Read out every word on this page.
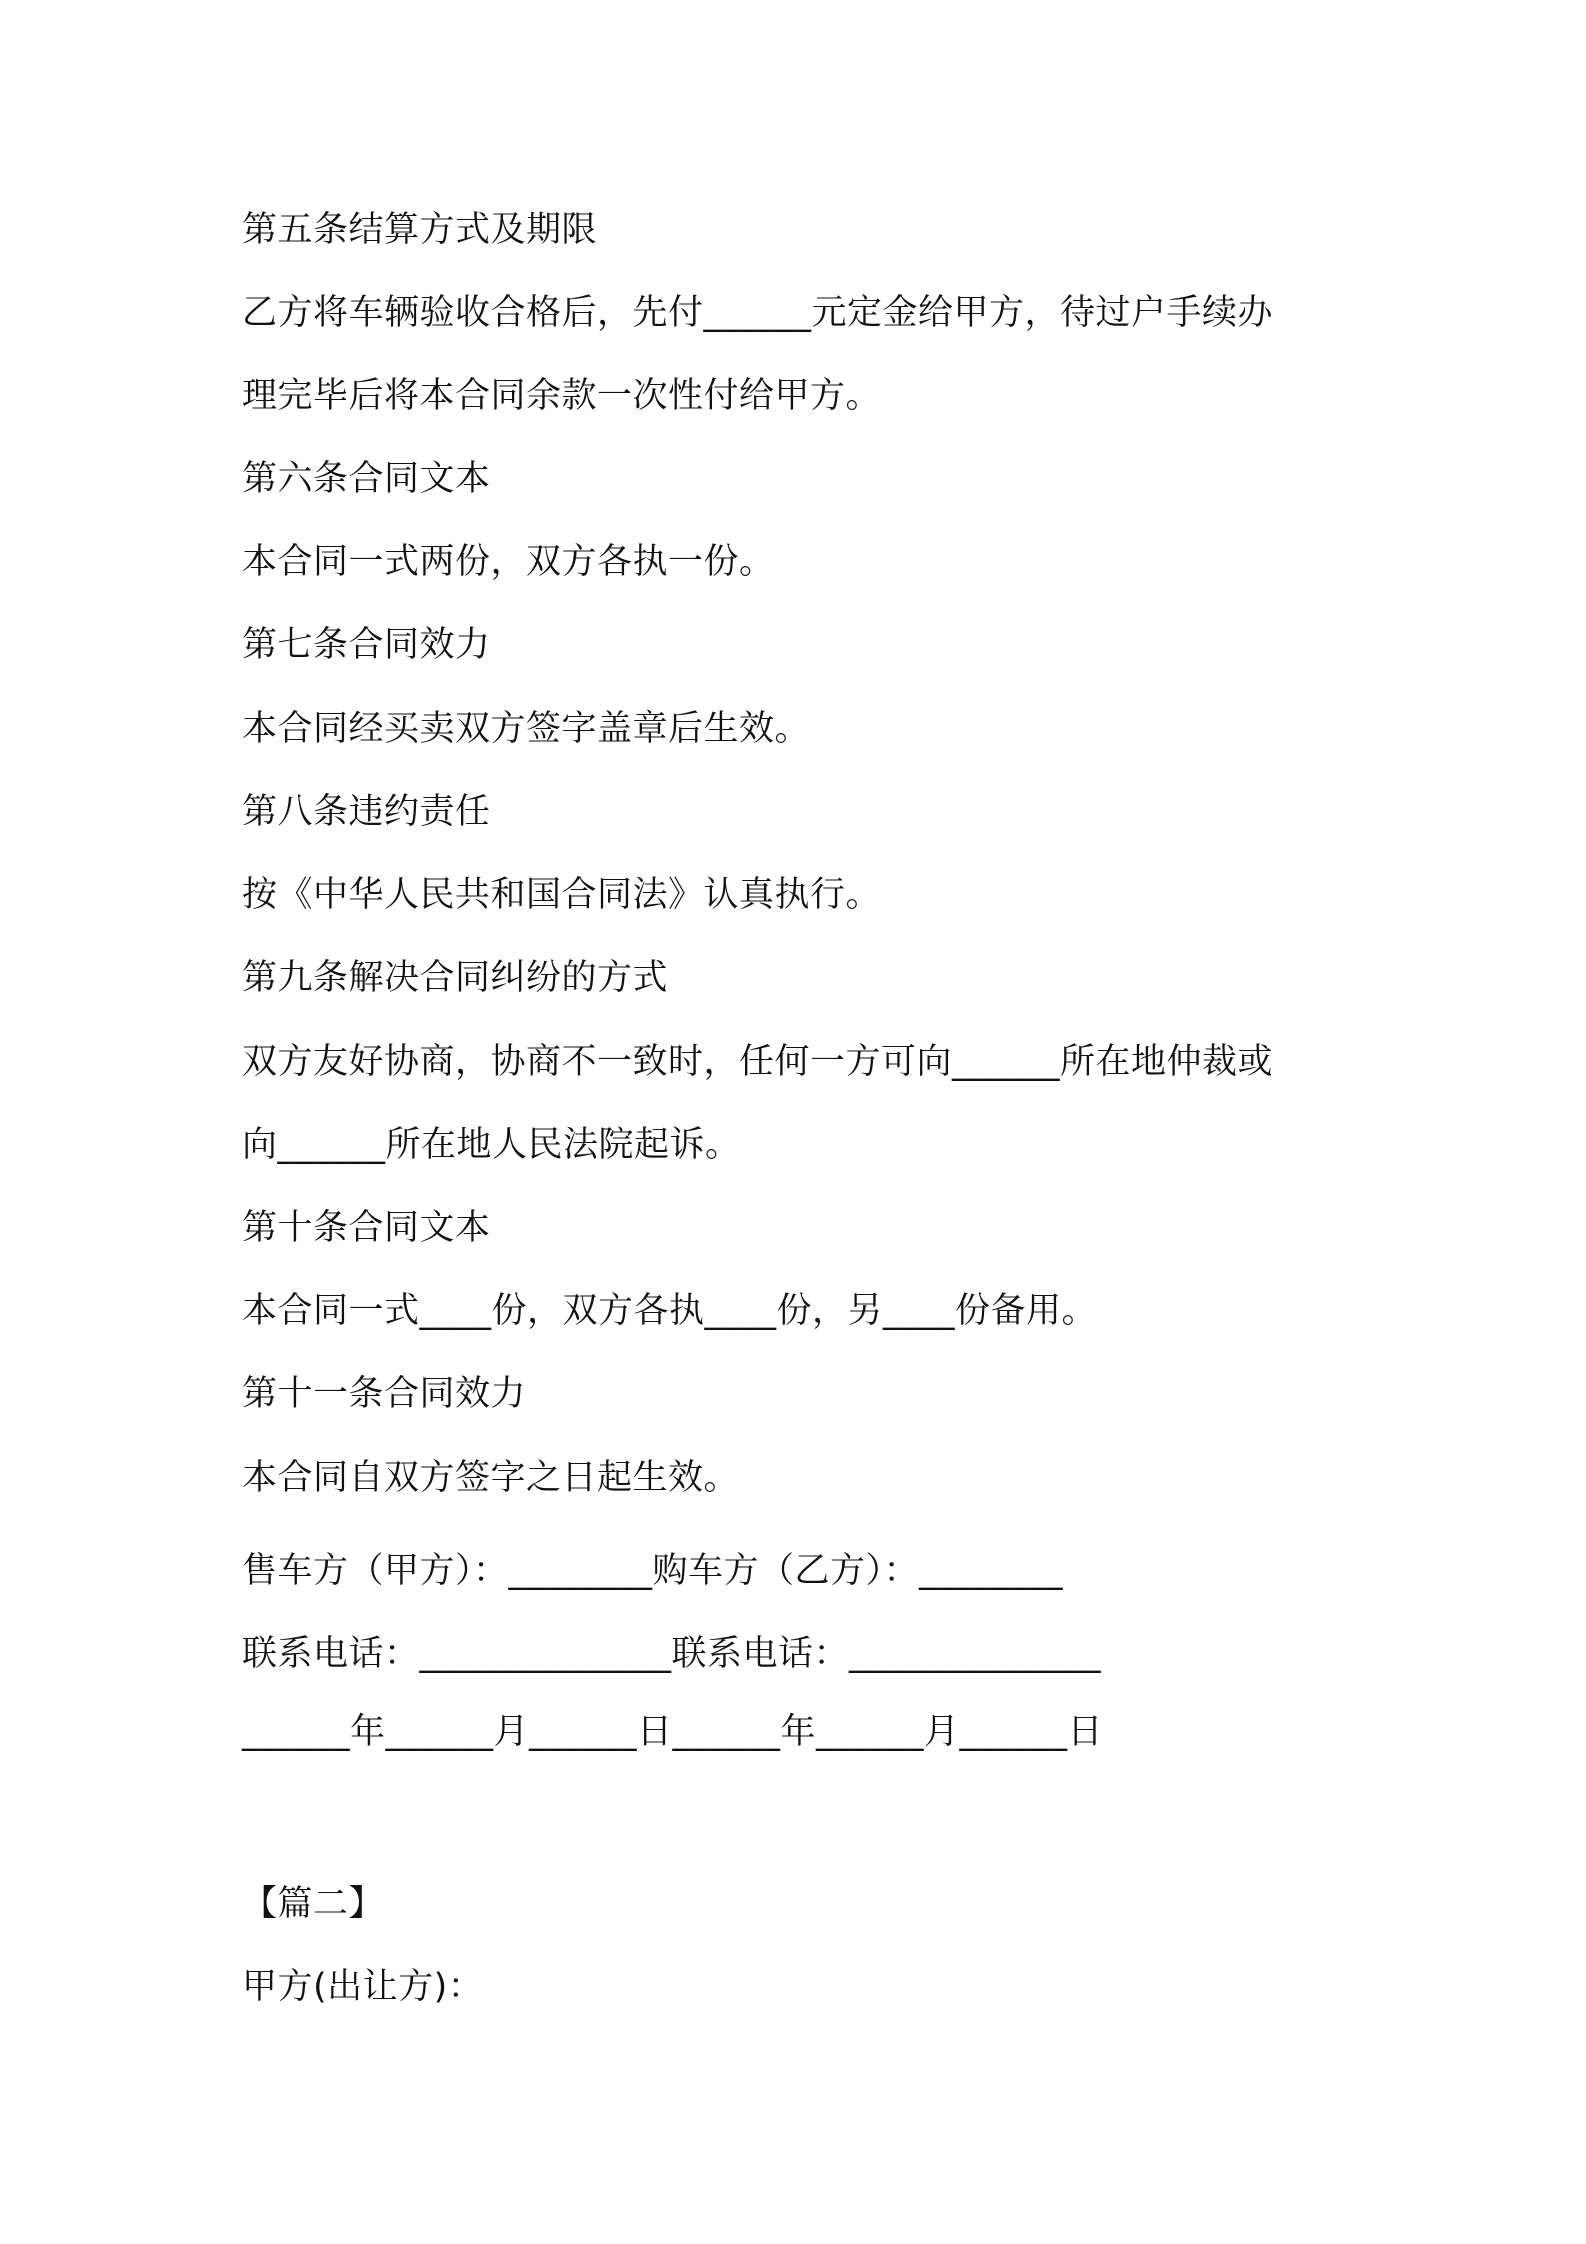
第五条结算方式及期限
乙方将车辆验收合格后，先付______元定金给甲方，待过户手续办
理完毕后将本合同余款一次性付给甲方。
第六条合同文本
本合同一式两份，双方各执一份。
第七条合同效力
本合同经买卖双方签字盖章后生效。
第八条违约责任
按《中华人民共和国合同法》认真执行。
第九条解决合同纠纷的方式
双方友好协商，协商不一致时，任何一方可向______所在地仲裁或
向______所在地人民法院起诉。
第十条合同文本
本合同一式____份，双方各执____份，另____份备用。
第十一条合同效力
本合同自双方签字之日起生效。
售车方（甲方）：________购车方（乙方）：________
联系电话：______________联系电话：______________
______年______月______日______年______月______日
【篇二】
甲方(出让方)：
